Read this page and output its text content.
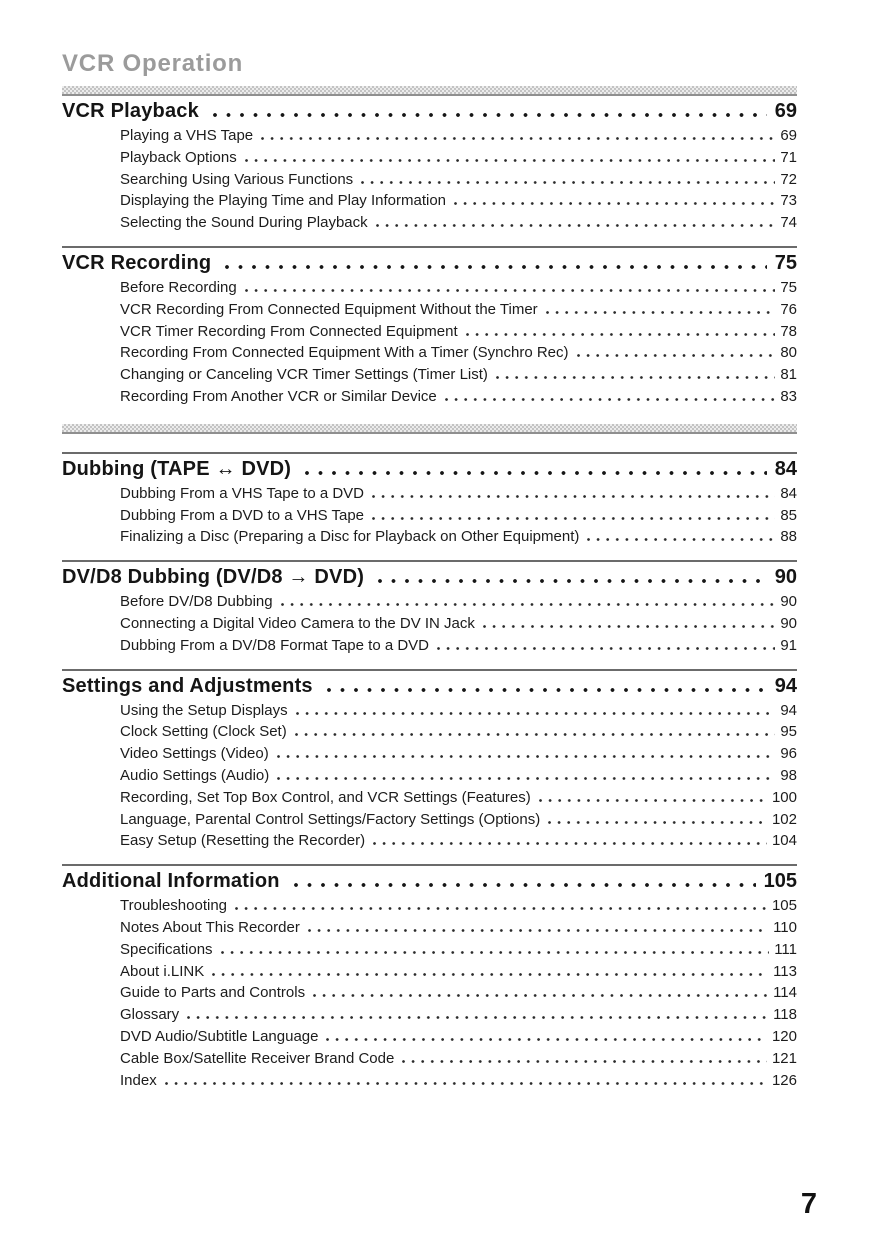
VCR Operation
VCR Playback	69
Playing a VHS Tape	69
Playback Options	71
Searching Using Various Functions	72
Displaying the Playing Time and Play Information	73
Selecting the Sound During Playback	74
VCR Recording	75
Before Recording	75
VCR Recording From Connected Equipment Without the Timer	76
VCR Timer Recording From Connected Equipment	78
Recording From Connected Equipment With a Timer (Synchro Rec)	80
Changing or Canceling VCR Timer Settings (Timer List)	81
Recording From Another VCR or Similar Device	83
Dubbing (TAPE ↔ DVD)	84
Dubbing From a VHS Tape to a DVD	84
Dubbing From a DVD to a VHS Tape	85
Finalizing a Disc (Preparing a Disc for Playback on Other Equipment)	88
DV/D8 Dubbing (DV/D8 → DVD)	90
Before DV/D8 Dubbing	90
Connecting a Digital Video Camera to the DV IN Jack	90
Dubbing From a DV/D8 Format Tape to a DVD	91
Settings and Adjustments	94
Using the Setup Displays	94
Clock Setting (Clock Set)	95
Video Settings (Video)	96
Audio Settings (Audio)	98
Recording, Set Top Box Control, and VCR Settings (Features)	100
Language, Parental Control Settings/Factory Settings (Options)	102
Easy Setup (Resetting the Recorder)	104
Additional Information	105
Troubleshooting	105
Notes About This Recorder	110
Specifications	111
About i.LINK	113
Guide to Parts and Controls	114
Glossary	118
DVD Audio/Subtitle Language	120
Cable Box/Satellite Receiver Brand Code	121
Index	126
7
